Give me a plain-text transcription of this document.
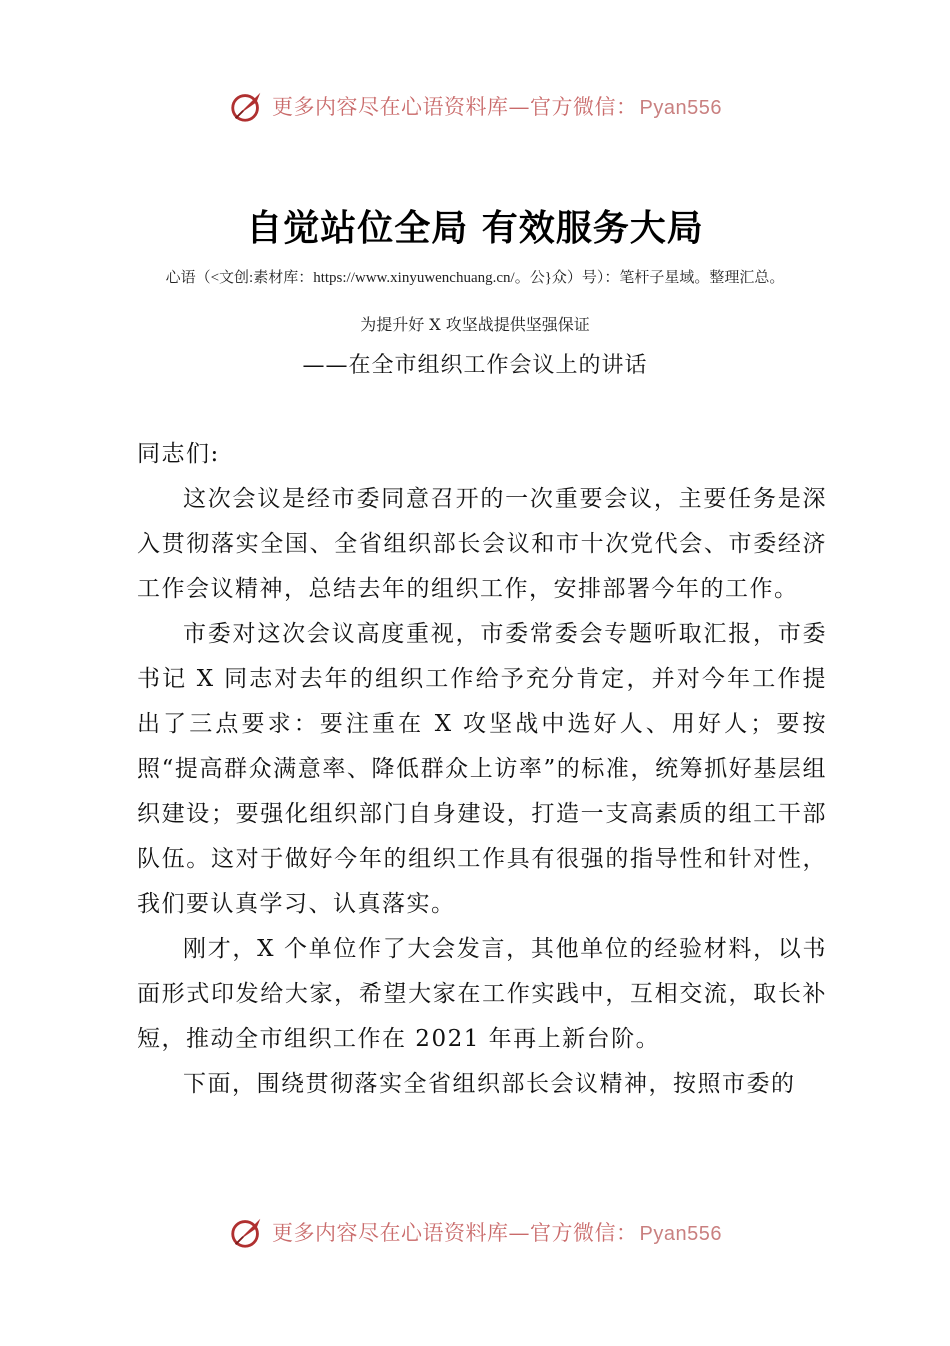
更多内容尽在心语资料库—官方微信： Pyan556
自觉站位全局 有效服务大局
心语（<文创:素材库：https://www.xinyuwenchuang.cn/。公}众）号）：笔杆子星域。整理汇总。
为提升好 X 攻坚战提供坚强保证
——在全市组织工作会议上的讲话

同志们:

这次会议是经市委同意召开的一次重要会议，主要任务是深入贯彻落实全国、全省组织部长会议和市十次党代会、市委经济工作会议精神，总结去年的组织工作，安排部署今年的工作。

市委对这次会议高度重视，市委常委会专题听取汇报，市委书记 X 同志对去年的组织工作给予充分肯定，并对今年工作提出了三点要求：要注重在 X 攻坚战中选好人、用好人；要按照“提高群众满意率、降低群众上访率”的标准，统筹抓好基层组织建设；要强化组织部门自身建设，打造一支高素质的组工干部队伍。这对于做好今年的组织工作具有很强的指导性和针对性，我们要认真学习、认真落实。

刚才，X 个单位作了大会发言，其他单位的经验材料，以书面形式印发给大家，希望大家在工作实践中，互相交流，取长补短，推动全市组织工作在 2021 年再上新台阶。

下面，围绕贯彻落实全省组织部长会议精神，按照市委的

更多内容尽在心语资料库—官方微信： Pyan556
